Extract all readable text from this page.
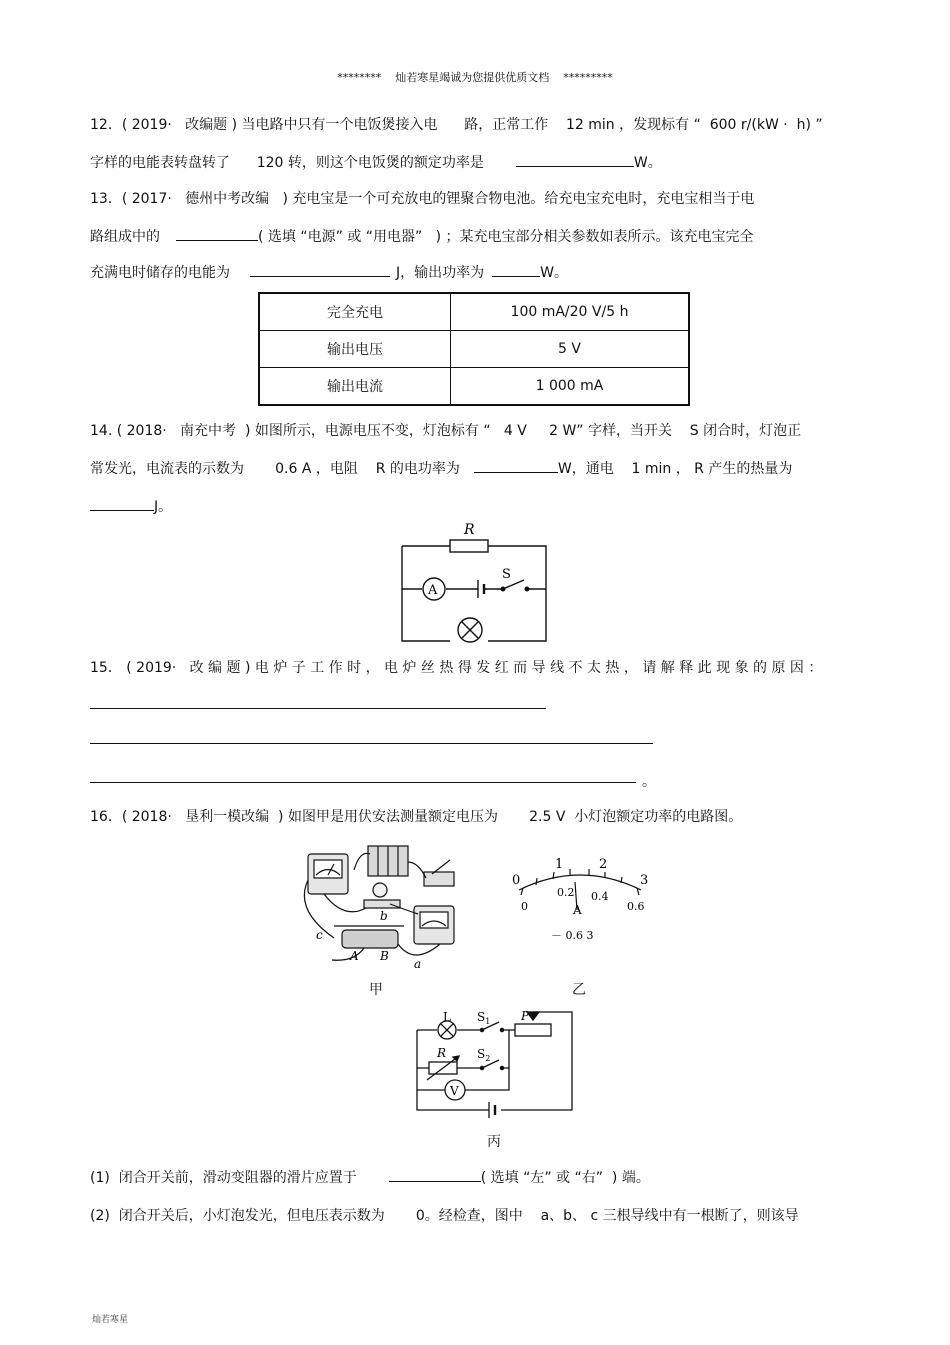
********    灿若寒星竭诚为您提供优质文档    *********
12．( 2019·   改编题 ) 当电路中只有一个电饭煲接入电      路，正常工作    12 min ，发现标有 “  600 r/(kW ·  h) ”
字样的电能表转盘转了      120 转，则这个电饭煲的额定功率是	W。
13．( 2017·   德州中考改编   ) 充电宝是一个可充放电的锂聚合物电池。给充电宝充电时，充电宝相当于电
路组成中的	( 选填 “电源” 或 “用电器”   ) ；某充电宝部分相关参数如表所示。该充电宝完全
充满电时储存的电能为	J，输出功率为	W。
完全充电	100 mA/20 V/5 h
输出电压	5 V
输出电流	1 000 mA
14. ( 2018·   南充中考  ) 如图所示，电源电压不变，灯泡标有 “   4 V     2 W” 字样，当开关    S 闭合时，灯泡正
常发光，电流表的示数为       0.6 A ，电阻    R 的电功率为	W，通电    1 min ， R 产生的热量为
J。
R
A
S
15． ( 2019·   改 编 题 ) 电 炉 子 工 作 时 ， 电 炉 丝 热 得 发 红 而 导 线 不 太 热 ， 请 解 释 此 现 象 的 原 因 ：
。
16．( 2018·   垦利一模改编  ) 如图甲是用伏安法测量额定电压为       2.5 V  小灯泡额定功率的电路图。
c
b
a
A B
甲
0
1	2
3
0
0.2 0.4
0.6
A
－ 0.6 3
乙
L $S_1$	P
R	$S_2$
V
丙
(1)  闭合开关前，滑动变阻器的滑片应置于	( 选填 “左” 或 “右”  ) 端。
(2)  闭合开关后，小灯泡发光，但电压表示数为       0。经检查，图中    a、b、 c 三根导线中有一根断了，则该导
灿若寒星
